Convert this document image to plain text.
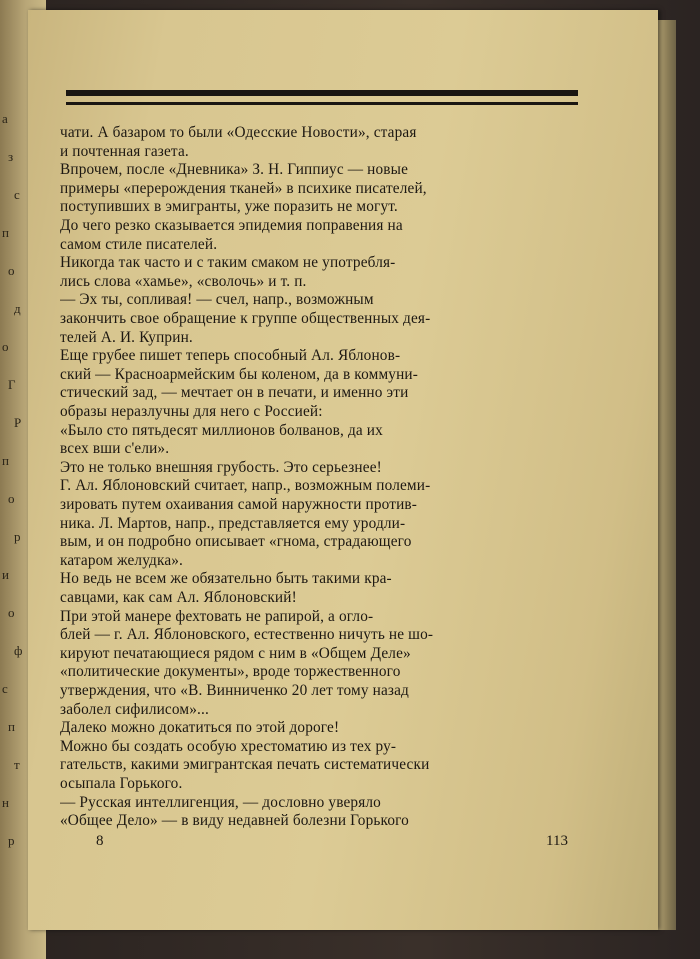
а
з
с
п
о
д
о
Г
Р
п
о
р
и
о
ф
с
п
т
н
р
чати. А базаром то были «Одесские Новости», старая
и почтенная газета.
Впрочем, после «Дневника» З. Н. Гиппиус — новые
примеры «перерождения тканей» в психике писателей,
поступивших в эмигранты, уже поразить не могут.
До чего резко сказывается эпидемия поправения на
самом стиле писателей.
Никогда так часто и с таким смаком не употребля-
лись слова «хамье», «сволочь» и т. п.
— Эх ты, сопливая! — счел, напр., возможным
закончить свое обращение к группе общественных дея-
телей А. И. Куприн.
Еще грубее пишет теперь способный Ал. Яблонов-
ский — Красноармейским бы коленом, да в коммуни-
стический зад, — мечтает он в печати, и именно эти
образы неразлучны для него с Россией:
«Было сто пятьдесят миллионов болванов, да их
всех вши с'ели».
Это не только внешняя грубость. Это серьезнее!
Г. Ал. Яблоновский считает, напр., возможным полеми-
зировать путем охаивания самой наружности против-
ника. Л. Мартов, напр., представляется ему уродли-
вым, и он подробно описывает «гнома, страдающего
катаром желудка».
Но ведь не всем же обязательно быть такими кра-
савцами, как сам Ал. Яблоновский!
При этой манере фехтовать не рапирой, а огло-
блей — г. Ал. Яблоновского, естественно ничуть не шо-
кируют печатающиеся рядом с ним в «Общем Деле»
«политические документы», вроде торжественного
утверждения, что «В. Винниченко 20 лет тому назад
заболел сифилисом»...
Далеко можно докатиться по этой дороге!
Можно бы создать особую хрестоматию из тех ру-
гательств, какими эмигрантская печать систематически
осыпала Горького.
— Русская интеллигенция, — дословно уверяло
«Общее Дело» — в виду недавней болезни Горького
8	113
